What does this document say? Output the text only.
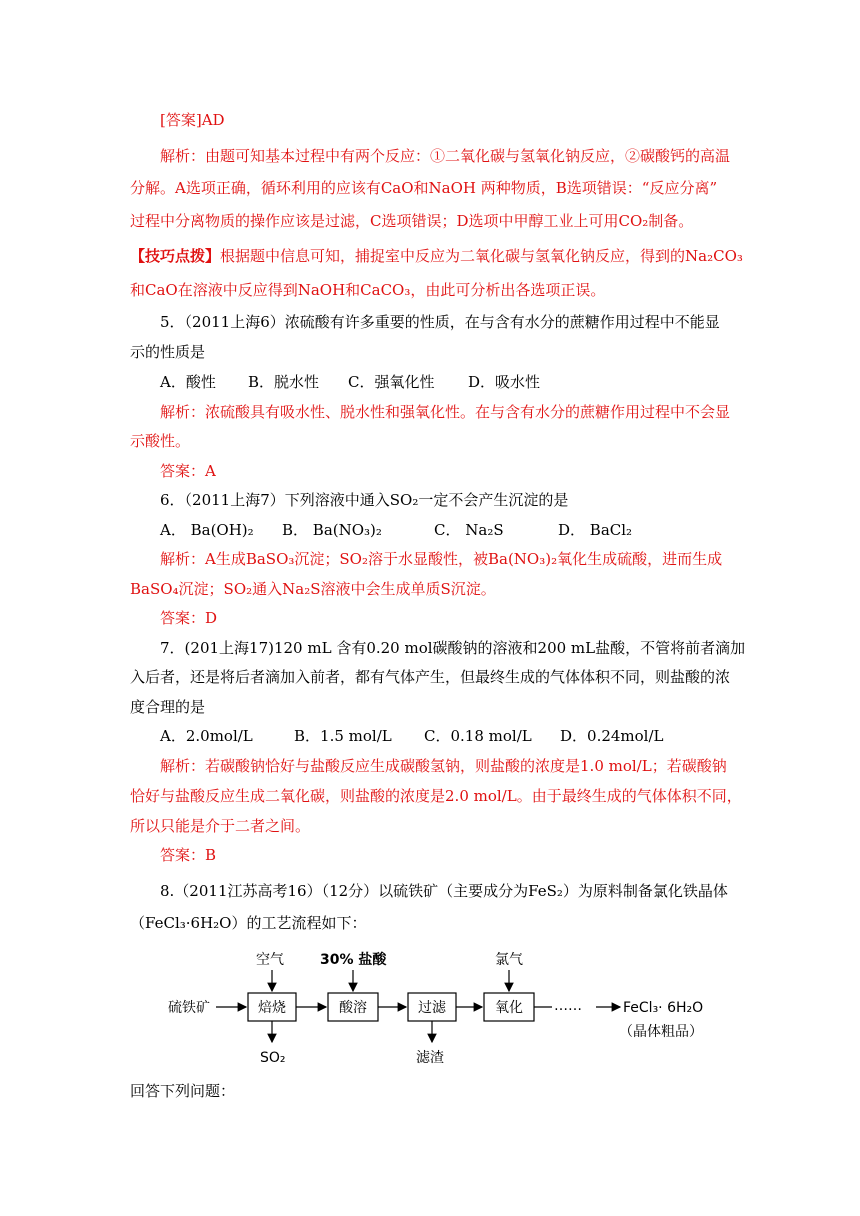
[答案]AD
解析：由题可知基本过程中有两个反应：①二氧化碳与氢氧化钠反应，②碳酸钙的高温
分解。A选项正确，循环利用的应该有CaO和NaOH 两种物质，B选项错误：“反应分离”
过程中分离物质的操作应该是过滤，C选项错误；D选项中甲醇工业上可用CO₂制备。
【技巧点拨】根据题中信息可知，捕捉室中反应为二氧化碳与氢氧化钠反应，得到的Na₂CO₃
和CaO在溶液中反应得到NaOH和CaCO₃，由此可分析出各选项正误。
5．（2011上海6）浓硫酸有许多重要的性质，在与含有水分的蔗糖作用过程中不能显
示的性质是
A．酸性 B．脱水性 C．强氧化性 D．吸水性
解析：浓硫酸具有吸水性、脱水性和强氧化性。在与含有水分的蔗糖作用过程中不会显
示酸性。
答案：A
6．（2011上海7）下列溶液中通入SO₂一定不会产生沉淀的是
A． Ba(OH)₂ B． Ba(NO₃)₂	C． Na₂S	D． BaCl₂
解析：A生成BaSO₃沉淀；SO₂溶于水显酸性，被Ba(NO₃)₂氧化生成硫酸，进而生成
BaSO₄沉淀；SO₂通入Na₂S溶液中会生成单质S沉淀。
答案：D
7．(201上海17)120 mL 含有0.20 mol碳酸钠的溶液和200 mL盐酸，不管将前者滴加
入后者，还是将后者滴加入前者，都有气体产生，但最终生成的气体体积不同，则盐酸的浓
度合理的是
A．2.0mol/L	B．1.5 mol/L C．0.18 mol/L D．0.24mol/L
解析：若碳酸钠恰好与盐酸反应生成碳酸氢钠，则盐酸的浓度是1.0 mol/L；若碳酸钠
恰好与盐酸反应生成二氧化碳，则盐酸的浓度是2.0 mol/L。由于最终生成的气体体积不同，
所以只能是介于二者之间。
答案：B
8.（2011江苏高考16）（12分）以硫铁矿（主要成分为FeS₂）为原料制备氯化铁晶体
（FeCl₃·6H₂O）的工艺流程如下：
硫铁矿	焙烧
空气
SO₂
酸溶
30% 盐酸
过滤
滤渣
氧化
氯气
……	FeCl₃· 6H₂O
（晶体粗品）
回答下列问题：
